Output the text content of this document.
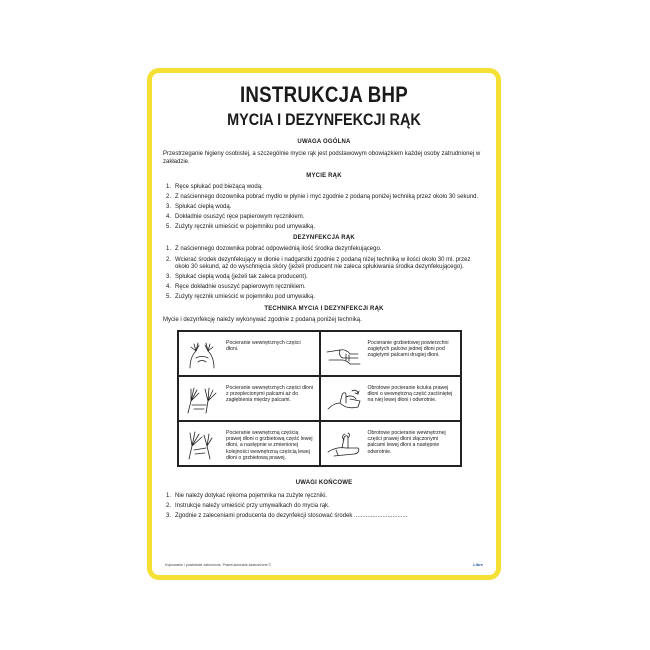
INSTRUKCJA BHP
MYCIA I DEZYNFEKCJI RĄK
UWAGA OGÓLNA
Przestrzeganie higieny osobistej, a szczególnie mycie rąk jest podstawowym obowiązkiem każdej osoby zatrudnionej w zakładzie.
MYCIE RĄK
1. Ręce spłukać pod bieżącą wodą.
2. Z naściennego dozownika pobrać mydło w płynie i myć zgodnie z podaną poniżej techniką przez około 30 sekund.
3. Spłukać ciepłą wodą.
4. Dokładnie osuszyć ręce papierowym ręcznikiem.
5. Zużyty ręcznik umieścić w pojemniku pod umywalką.
DEZYNFEKCJA RĄK
1. Z naściennego dozownika pobrać odpowiednią ilość środka dezynfekującego.
2. Wcierać środek dezynfekujący w dłonie i nadgarstki zgodnie z podaną niżej techniką w ilości około 30 ml. przez około 30 sekund, aż do wyschnięcia skóry (jeżeli producent nie zaleca spłukiwania środka dezynfekującego).
3. Spłukać ciepłą wodą (jeżeli tak zaleca producent).
4. Ręce dokładnie osuszyć papierowym ręcznikiem.
5. Zużyty ręcznik umieścić w pojemniku pod umywalką.
TECHNIKA MYCIA I DEZYNFEKCJI RĄK
Mycie i dezynfekcję należy wykonywać zgodnie z podaną poniżej techniką.
Pocieranie wewnętrznych części dłoni.
Pocieranie grzbietowej powierzchni zagiętych palców jednej dłoni pod zagiętymi palcami drugiej dłoni.
Pocieranie wewnętrznych części dłoni z przeplecionymi palcami aż do zagłębienia między palcami.
Obrotowe pocieranie kciuka prawej dłoni o wewnętrzną część zaciśniętej na niej lewej dłoni i odwrotnie.
Pocieranie wewnętrzną częścią prawej dłoni o grzbietową część lewej dłoni, a następnie w zmienionej kolejności wewnętrzną częścią lewej dłoni o grzbietową prawej.
Obrotowe pocieranie wewnętrznej części prawej dłoni złączonymi palcami lewej dłoni a następnie odwrotnie.
UWAGI KOŃCOWE
1. Nie należy dotykać rękoma pojemnika na zużyte ręczniki.
2. Instrukcje należy umieścić przy umywalkach do mycia rąk.
3. Zgodnie z zaleceniami producenta do dezynfekcji stosować środek ................................
Kopiowanie i powielanie zabronione. Prawa autorskie zastrzeżone ©	Libre
